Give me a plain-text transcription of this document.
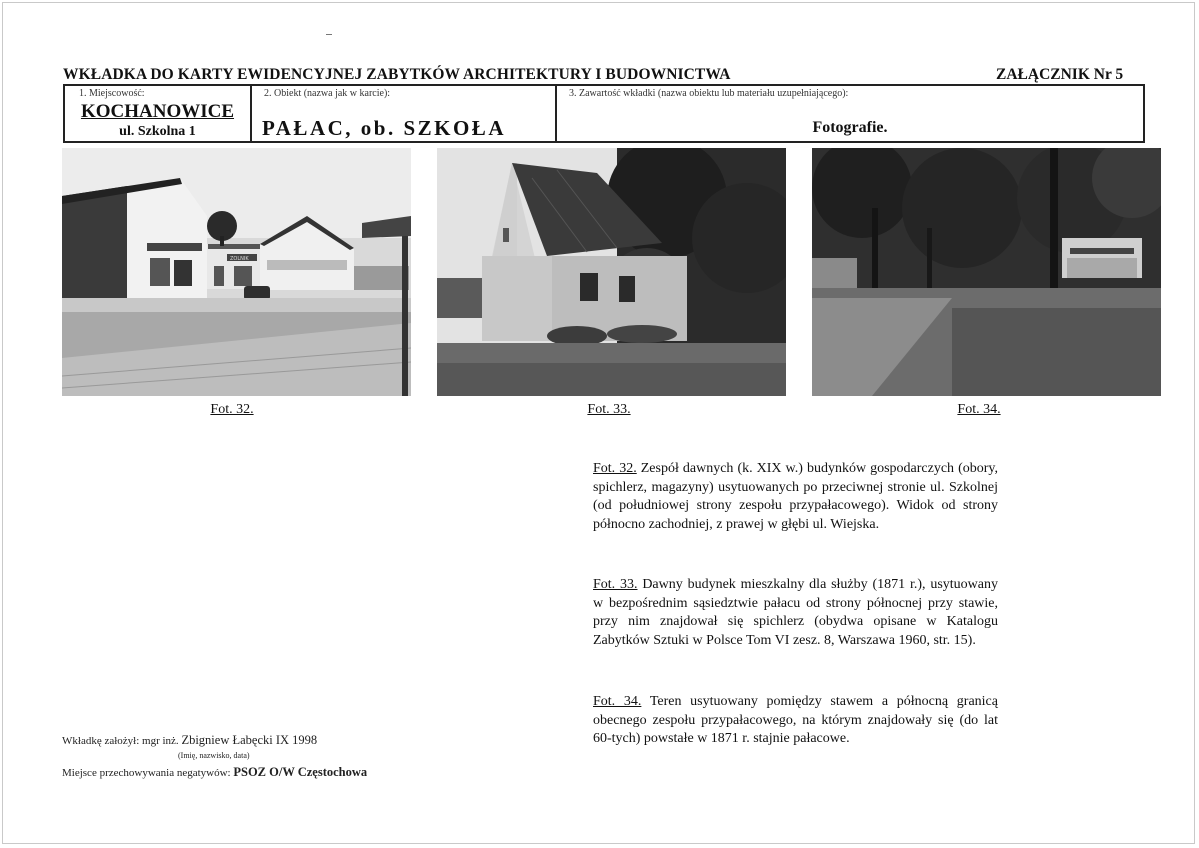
WKŁADKA DO KARTY EWIDENCYJNEJ ZABYTKÓW ARCHITEKTURY I BUDOWNICTWA	ZAŁĄCZNIK Nr 5
1. Miejscowość:
KOCHANOWICE
ul. Szkolna 1
2. Obiekt (nazwa jak w karcie):
PAŁAC, ob. SZKOŁA
3. Zawartość wkładki (nazwa obiektu lub materiału uzupełniającego):
Fotografie.
ZOLNIK
Fot. 32.	Fot. 33.	Fot. 34.

Fot. 32. Zespół dawnych (k. XIX w.) budynków gospodarczych (obory, spichlerz, magazyny) usytuowanych po przeciwnej stronie ul. Szkolnej (od południowej strony zespołu przypałacowego). Widok od strony północno zachodniej, z prawej w głębi ul. Wiejska.

Fot. 33. Dawny budynek mieszkalny dla służby (1871 r.), usytuowany w bezpośrednim sąsiedztwie pałacu od strony północnej przy stawie, przy nim znajdował się spichlerz (obydwa opisane w Katalogu Zabytków Sztuki w Polsce Tom VI zesz. 8, Warszawa 1960, str. 15).

Fot. 34. Teren usytuowany pomiędzy stawem a północną granicą obecnego zespołu przypałacowego, na którym znajdowały się (do lat 60-tych) powstałe w 1871 r. stajnie pałacowe.

Wkładkę założył: mgr inż. Zbigniew Łabęcki IX 1998
(Imię, nazwisko, data)
Miejsce przechowywania negatywów: PSOZ O/W Częstochowa
